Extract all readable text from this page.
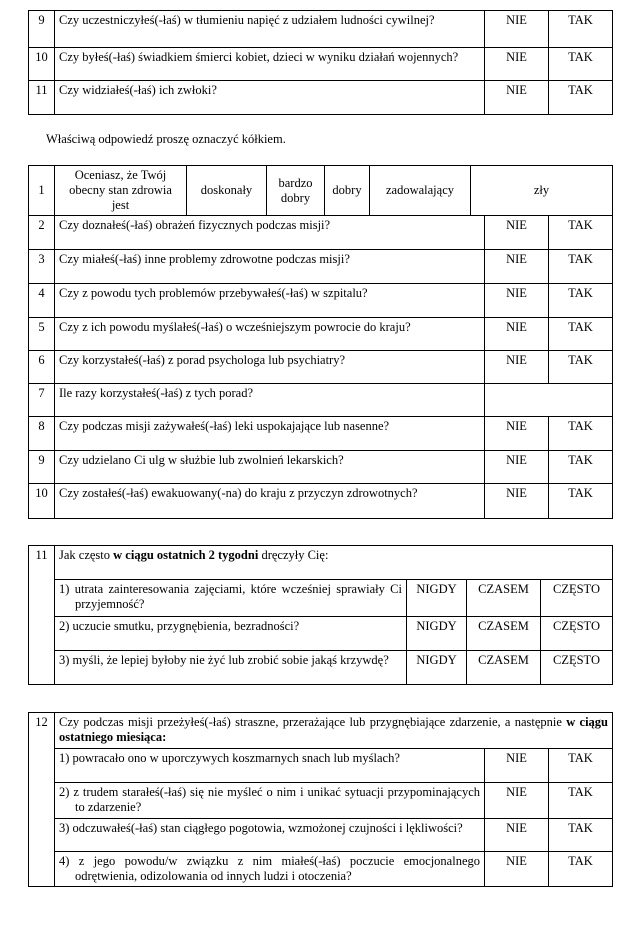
9	Czy uczestniczyłeś(-łaś) w tłumieniu napięć z udziałem ludności cywilnej?	NIE	TAK
10	Czy byłeś(-łaś) świadkiem śmierci kobiet, dzieci w wyniku działań wojennych?	NIE	TAK
11	Czy widziałeś(-łaś) ich zwłoki?	NIE	TAK

Właściwą odpowiedź proszę oznaczyć kółkiem.

1	Oceniasz, że Twój obecny stan zdrowia jest	doskonały	bardzo dobry	dobry	zadowalający	zły		
2	Czy doznałeś(-łaś) obrażeń fizycznych podczas misji?						NIE	TAK
3	Czy miałeś(-łaś) inne problemy zdrowotne podczas misji?						NIE	TAK
4	Czy z powodu tych problemów przebywałeś(-łaś) w szpitalu?						NIE	TAK
5	Czy z ich powodu myślałeś(-łaś) o wcześniejszym powrocie do kraju?						NIE	TAK
6	Czy korzystałeś(-łaś) z porad psychologa lub psychiatry?						NIE	TAK
7	Ile razy korzystałeś(-łaś) z tych porad?							
8	Czy podczas misji zażywałeś(-łaś) leki uspokajające lub nasenne?						NIE	TAK
9	Czy udzielano Ci ulg w służbie lub zwolnień lekarskich?						NIE	TAK
10	Czy zostałeś(-łaś) ewakuowany(-na) do kraju z przyczyn zdrowotnych?						NIE	TAK
11	Jak często w ciągu ostatnich 2 tygodni dręczyły Cię:			
	1) utrata zainteresowania zajęciami, które wcześniej sprawiały Ci przyjemność?	NIGDY	CZASEM	CZĘSTO
	2) uczucie smutku, przygnębienia, bezradności?	NIGDY	CZASEM	CZĘSTO
	3) myśli, że lepiej byłoby nie żyć lub zrobić sobie jakąś krzywdę?	NIGDY	CZASEM	CZĘSTO
12	Czy podczas misji przeżyłeś(-łaś) straszne, przerażające lub przygnębiające zdarzenie, a następnie w ciągu ostatniego miesiąca:		
	1) powracało ono w uporczywych koszmarnych snach lub myślach?	NIE	TAK
	2) z trudem starałeś(-łaś) się nie myśleć o nim i unikać sytuacji przypominających to zdarzenie?	NIE	TAK
	3) odczuwałeś(-łaś) stan ciągłego pogotowia, wzmożonej czujności i lękliwości?	NIE	TAK
	4) z jego powodu/w związku z nim miałeś(-łaś) poczucie emocjonalnego odrętwienia, odizolowania od innych ludzi i otoczenia?	NIE	TAK
